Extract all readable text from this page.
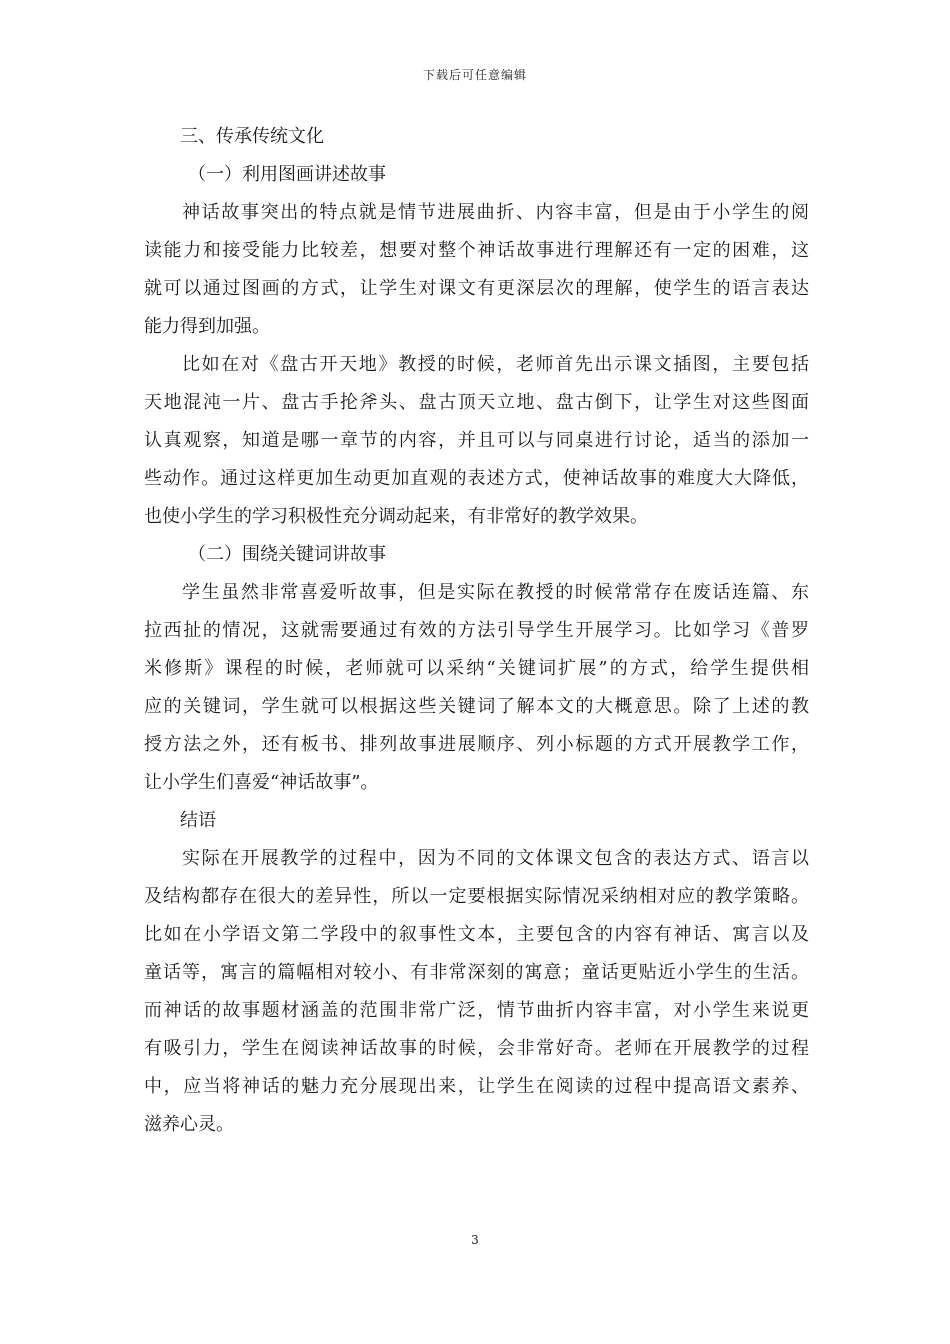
下载后可任意编辑
三、传承传统文化
（一）利用图画讲述故事
神话故事突出的特点就是情节进展曲折、内容丰富，但是由于小学生的阅
读能力和接受能力比较差，想要对整个神话故事进行理解还有一定的困难，这
就可以通过图画的方式，让学生对课文有更深层次的理解，使学生的语言表达
能力得到加强。
比如在对《盘古开天地》教授的时候，老师首先出示课文插图，主要包括
天地混沌一片、盘古手抡斧头、盘古顶天立地、盘古倒下，让学生对这些图面
认真观察，知道是哪一章节的内容，并且可以与同桌进行讨论，适当的添加一
些动作。通过这样更加生动更加直观的表述方式，使神话故事的难度大大降低，
也使小学生的学习积极性充分调动起来，有非常好的教学效果。
（二）围绕关键词讲故事
学生虽然非常喜爱听故事，但是实际在教授的时候常常存在废话连篇、东
拉西扯的情况，这就需要通过有效的方法引导学生开展学习。比如学习《普罗
米修斯》课程的时候，老师就可以采纳“关键词扩展”的方式，给学生提供相
应的关键词，学生就可以根据这些关键词了解本文的大概意思。除了上述的教
授方法之外，还有板书、排列故事进展顺序、列小标题的方式开展教学工作，
让小学生们喜爱“神话故事”。
结语
实际在开展教学的过程中，因为不同的文体课文包含的表达方式、语言以
及结构都存在很大的差异性，所以一定要根据实际情况采纳相对应的教学策略。
比如在小学语文第二学段中的叙事性文本，主要包含的内容有神话、寓言以及
童话等，寓言的篇幅相对较小、有非常深刻的寓意；童话更贴近小学生的生活。
而神话的故事题材涵盖的范围非常广泛，情节曲折内容丰富，对小学生来说更
有吸引力，学生在阅读神话故事的时候，会非常好奇。老师在开展教学的过程
中，应当将神话的魅力充分展现出来，让学生在阅读的过程中提高语文素养、
滋养心灵。
3
